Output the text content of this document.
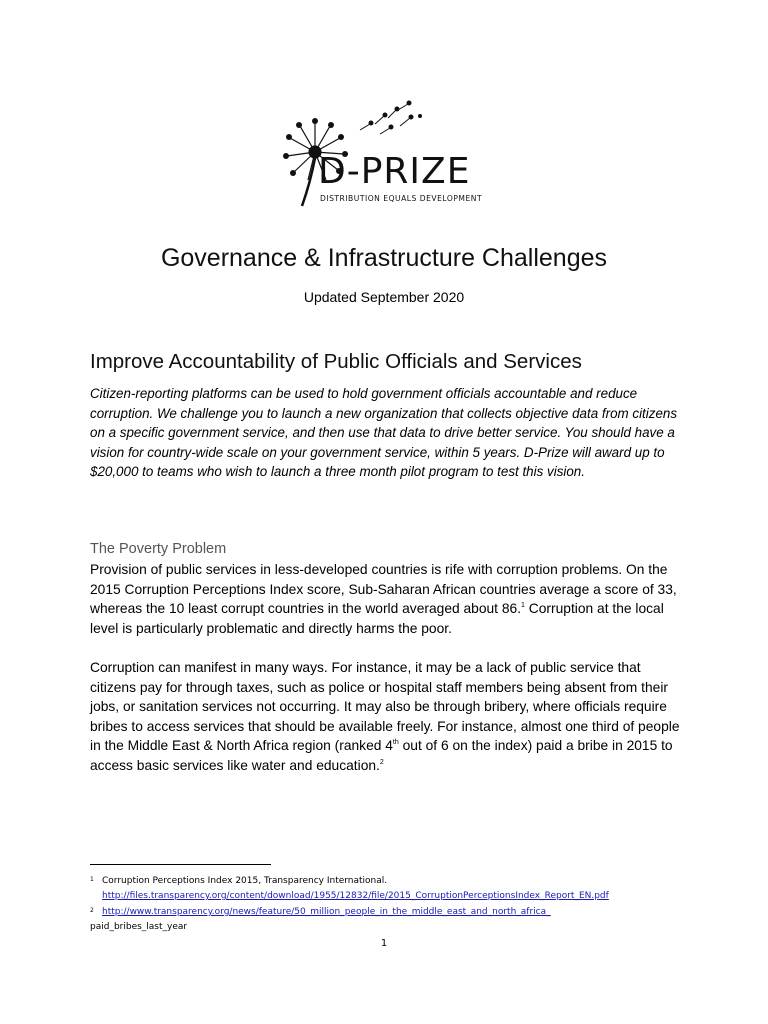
D-PRIZE
DISTRIBUTION EQUALS DEVELOPMENT
Governance & Infrastructure Challenges
Updated September 2020
Improve Accountability of Public Officials and Services
Citizen-reporting platforms can be used to hold government officials accountable and reduce corruption. We challenge you to launch a new organization that collects objective data from citizens on a specific government service, and then use that data to drive better service. You should have a vision for country-wide scale on your government service, within 5 years. D-Prize will award up to $20,000 to teams who wish to launch a three month pilot program to test this vision.
The Poverty Problem
Provision of public services in less-developed countries is rife with corruption problems. On the 2015 Corruption Perceptions Index score, Sub-Saharan African countries average a score of 33, whereas the 10 least corrupt countries in the world averaged about 86.$^1$ Corruption at the local level is particularly problematic and directly harms the poor.
Corruption can manifest in many ways. For instance, it may be a lack of public service that citizens pay for through taxes, such as police or hospital staff members being absent from their jobs, or sanitation services not occurring. It may also be through bribery, where officials require bribes to access services that should be available freely. For instance, almost one third of people in the Middle East & North Africa region (ranked 4th out of 6 on the index) paid a bribe in 2015 to access basic services like water and education.$^2$
1 Corruption Perceptions Index 2015, Transparency International.
http://files.transparency.org/content/download/1955/12832/file/2015_CorruptionPerceptionsIndex_Report_EN.pdf
2 http://www.transparency.org/news/feature/50_million_people_in_the_middle_east_and_north_africa_
paid_bribes_last_year
1
